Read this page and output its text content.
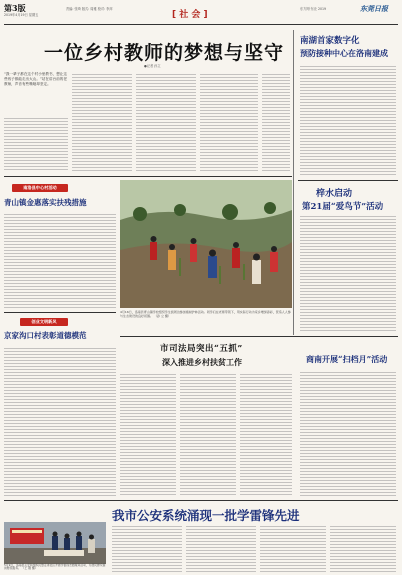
第3版
2019年4月19日 星期五
责编: 张琦 版式: 周雅 校对: 李萍
[ 社 会 ]
东方网·东北 2019	东莞日报
一位乡村教师的梦想与坚守
●记者 孙立
“我一辈子都在这个村小里教书，想让这些孩子都能走出大山。”站在讲台前的老教师，声音有些嘶哑却坚定。
南湖首家数字化
预防接种中心在洛南建成
南洛县中心村活动
青山镇金惠落实扶残措施
4月16日，洛南县青山镇学校组织学生到周边参加植树护林活动。同学们在老师带领下，用实际行动为家乡增绿添彩，营造人人参与生态建设的良好氛围。 （孙 立 摄）
梓水启动
第21届“爱鸟节”活动
创业文明新风
京家沟口村表彰道德模范
市司法局突出“五抓”
深入推进乡村扶贫工作	商南开展“扫档月”活动
我市公安系统涌现一批学雷锋先进
5月9日，洛南县公安局组织民警走进社区开展学雷锋志愿服务活动，为居民群众提供便民服务。 （王 刚 摄）
